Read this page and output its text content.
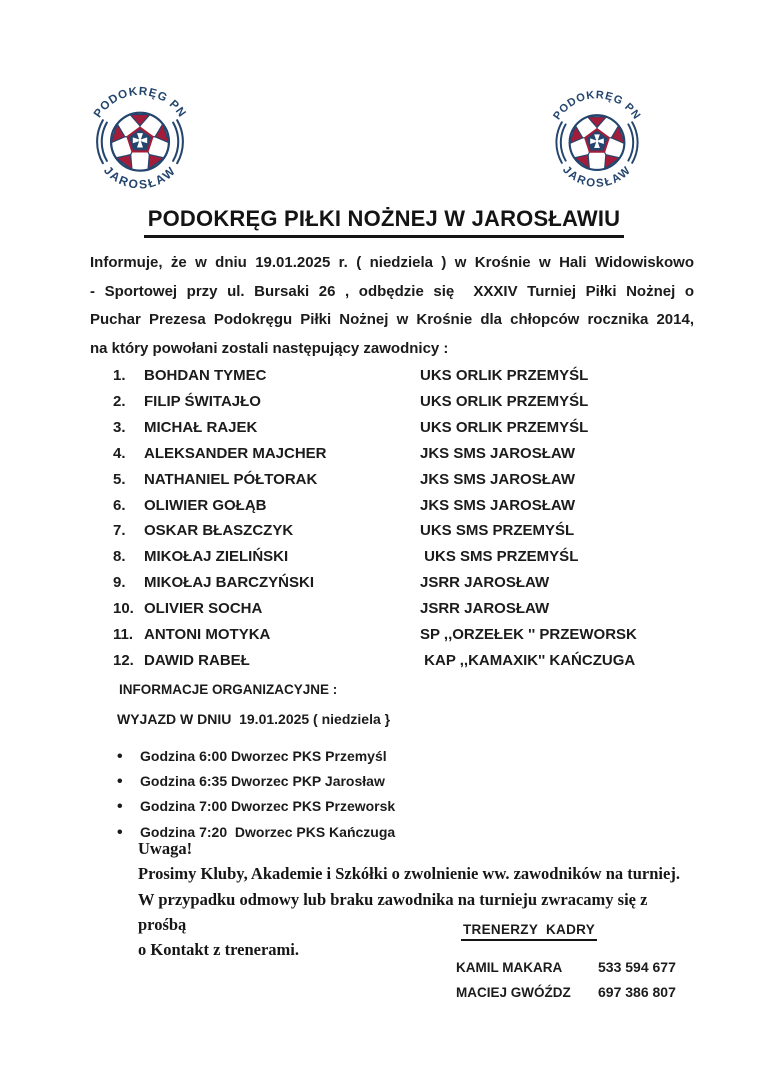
PODOKRĘG PN
JAROSŁAW
PODOKRĘG PN
JAROSŁAW
PODOKRĘG PIŁKI NOŻNEJ W JAROSŁAWIU
Informuje, że w dniu 19.01.2025 r. ( niedziela ) w Krośnie w Hali Widowiskowo
- Sportowej przy ul. Bursaki 26 , odbędzie się  XXXIV Turniej Piłki Nożnej o
Puchar Prezesa Podokręgu Piłki Nożnej w Krośnie dla chłopców rocznika 2014,
na który powołani zostali następujący zawodnicy :
1.	BOHDAN TYMEC	UKS ORLIK PRZEMYŚL
2.	FILIP ŚWITAJŁO	UKS ORLIK PRZEMYŚL
3.	MICHAŁ RAJEK	UKS ORLIK PRZEMYŚL
4.	ALEKSANDER MAJCHER	JKS SMS JAROSŁAW
5.	NATHANIEL PÓŁTORAK	JKS SMS JAROSŁAW
6.	OLIWIER GOŁĄB	JKS SMS JAROSŁAW
7.	OSKAR BŁASZCZYK	UKS SMS PRZEMYŚL
8.	MIKOŁAJ ZIELIŃSKI	UKS SMS PRZEMYŚL
9.	MIKOŁAJ BARCZYŃSKI	JSRR JAROSŁAW
10. OLIVIER SOCHA	JSRR JAROSŁAW
11. ANTONI MOTYKA	SP ,,ORZEŁEK '' PRZEWORSK
12. DAWID RABEŁ	KAP ,,KAMAXIK'' KAŃCZUGA
INFORMACJE ORGANIZACYJNE :
WYJAZD W DNIU  19.01.2025 ( niedziela }
• Godzina 6:00 Dworzec PKS Przemyśl
• Godzina 6:35 Dworzec PKP Jarosław
• Godzina 7:00 Dworzec PKS Przeworsk
• Godzina 7:20  Dworzec PKS Kańczuga
Uwaga!
Prosimy Kluby, Akademie i Szkółki o zwolnienie ww. zawodników na turniej.
W przypadku odmowy lub braku zawodnika na turnieju zwracamy się z prośbą
o Kontakt z trenerami.
TRENERZY  KADRY
KAMIL MAKARA	533 594 677
MACIEJ GWÓŹDZ	697 386 807
